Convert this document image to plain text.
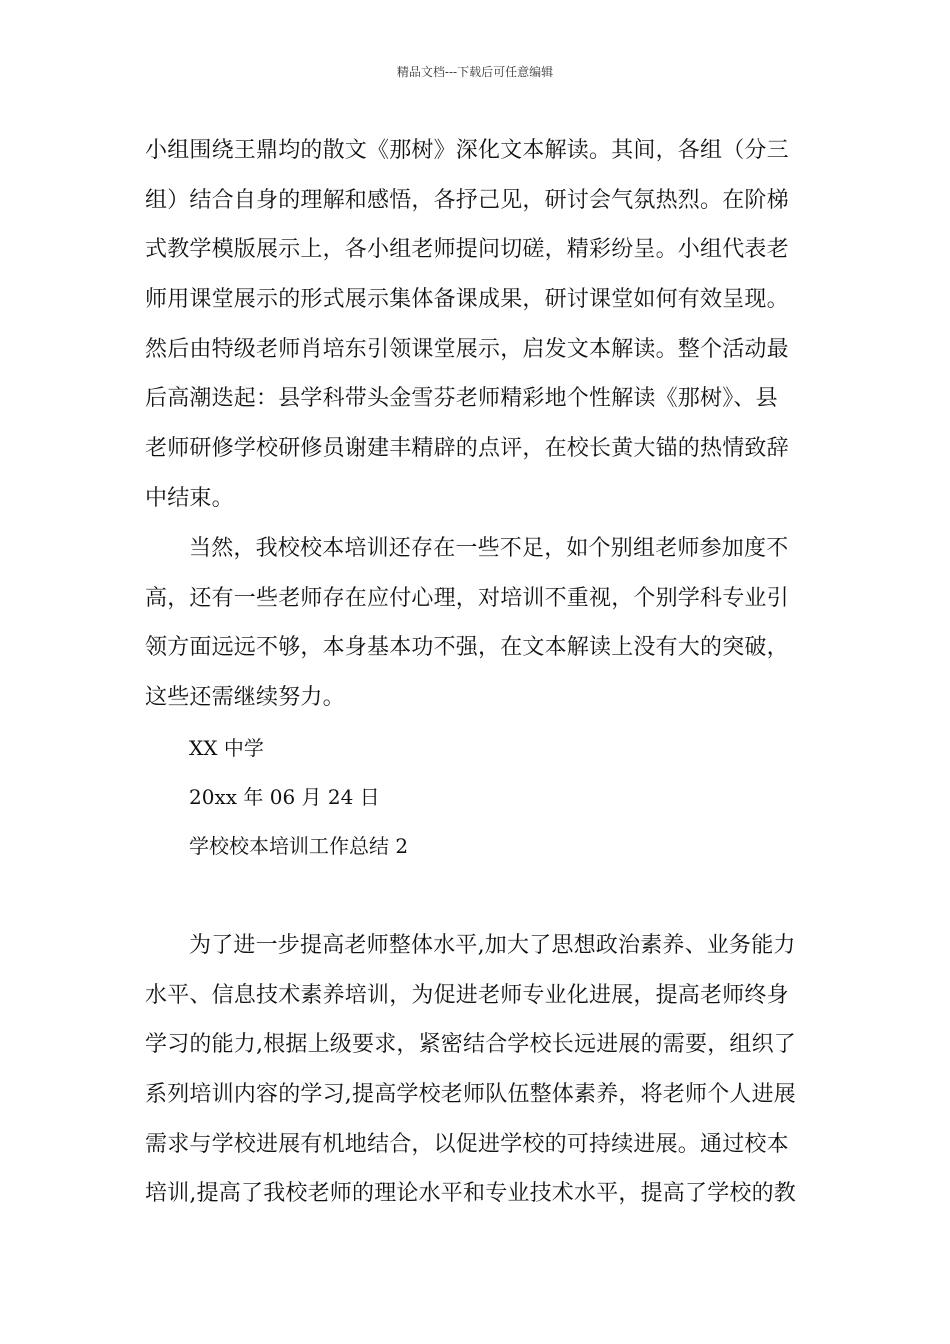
精品文档---下载后可任意编辑
小组围绕王鼎均的散文《那树》深化文本解读。其间，各组（分三
组）结合自身的理解和感悟，各抒己见，研讨会气氛热烈。在阶梯
式教学模版展示上，各小组老师提问切磋，精彩纷呈。小组代表老
师用课堂展示的形式展示集体备课成果，研讨课堂如何有效呈现。
然后由特级老师肖培东引领课堂展示，启发文本解读。整个活动最
后高潮迭起：县学科带头金雪芬老师精彩地个性解读《那树》、县
老师研修学校研修员谢建丰精辟的点评，在校长黄大锚的热情致辞
中结束。
当然，我校校本培训还存在一些不足，如个别组老师参加度不
高，还有一些老师存在应付心理，对培训不重视，个别学科专业引
领方面远远不够，本身基本功不强，在文本解读上没有大的突破，
这些还需继续努力。
XX 中学
20xx 年 06 月 24 日
学校校本培训工作总结 2
为了进一步提高老师整体水平,加大了思想政治素养、业务能力
水平、信息技术素养培训，为促进老师专业化进展，提高老师终身
学习的能力,根据上级要求，紧密结合学校长远进展的需要，组织了
系列培训内容的学习,提高学校老师队伍整体素养，将老师个人进展
需求与学校进展有机地结合，以促进学校的可持续进展。通过校本
培训,提高了我校老师的理论水平和专业技术水平，提高了学校的教
